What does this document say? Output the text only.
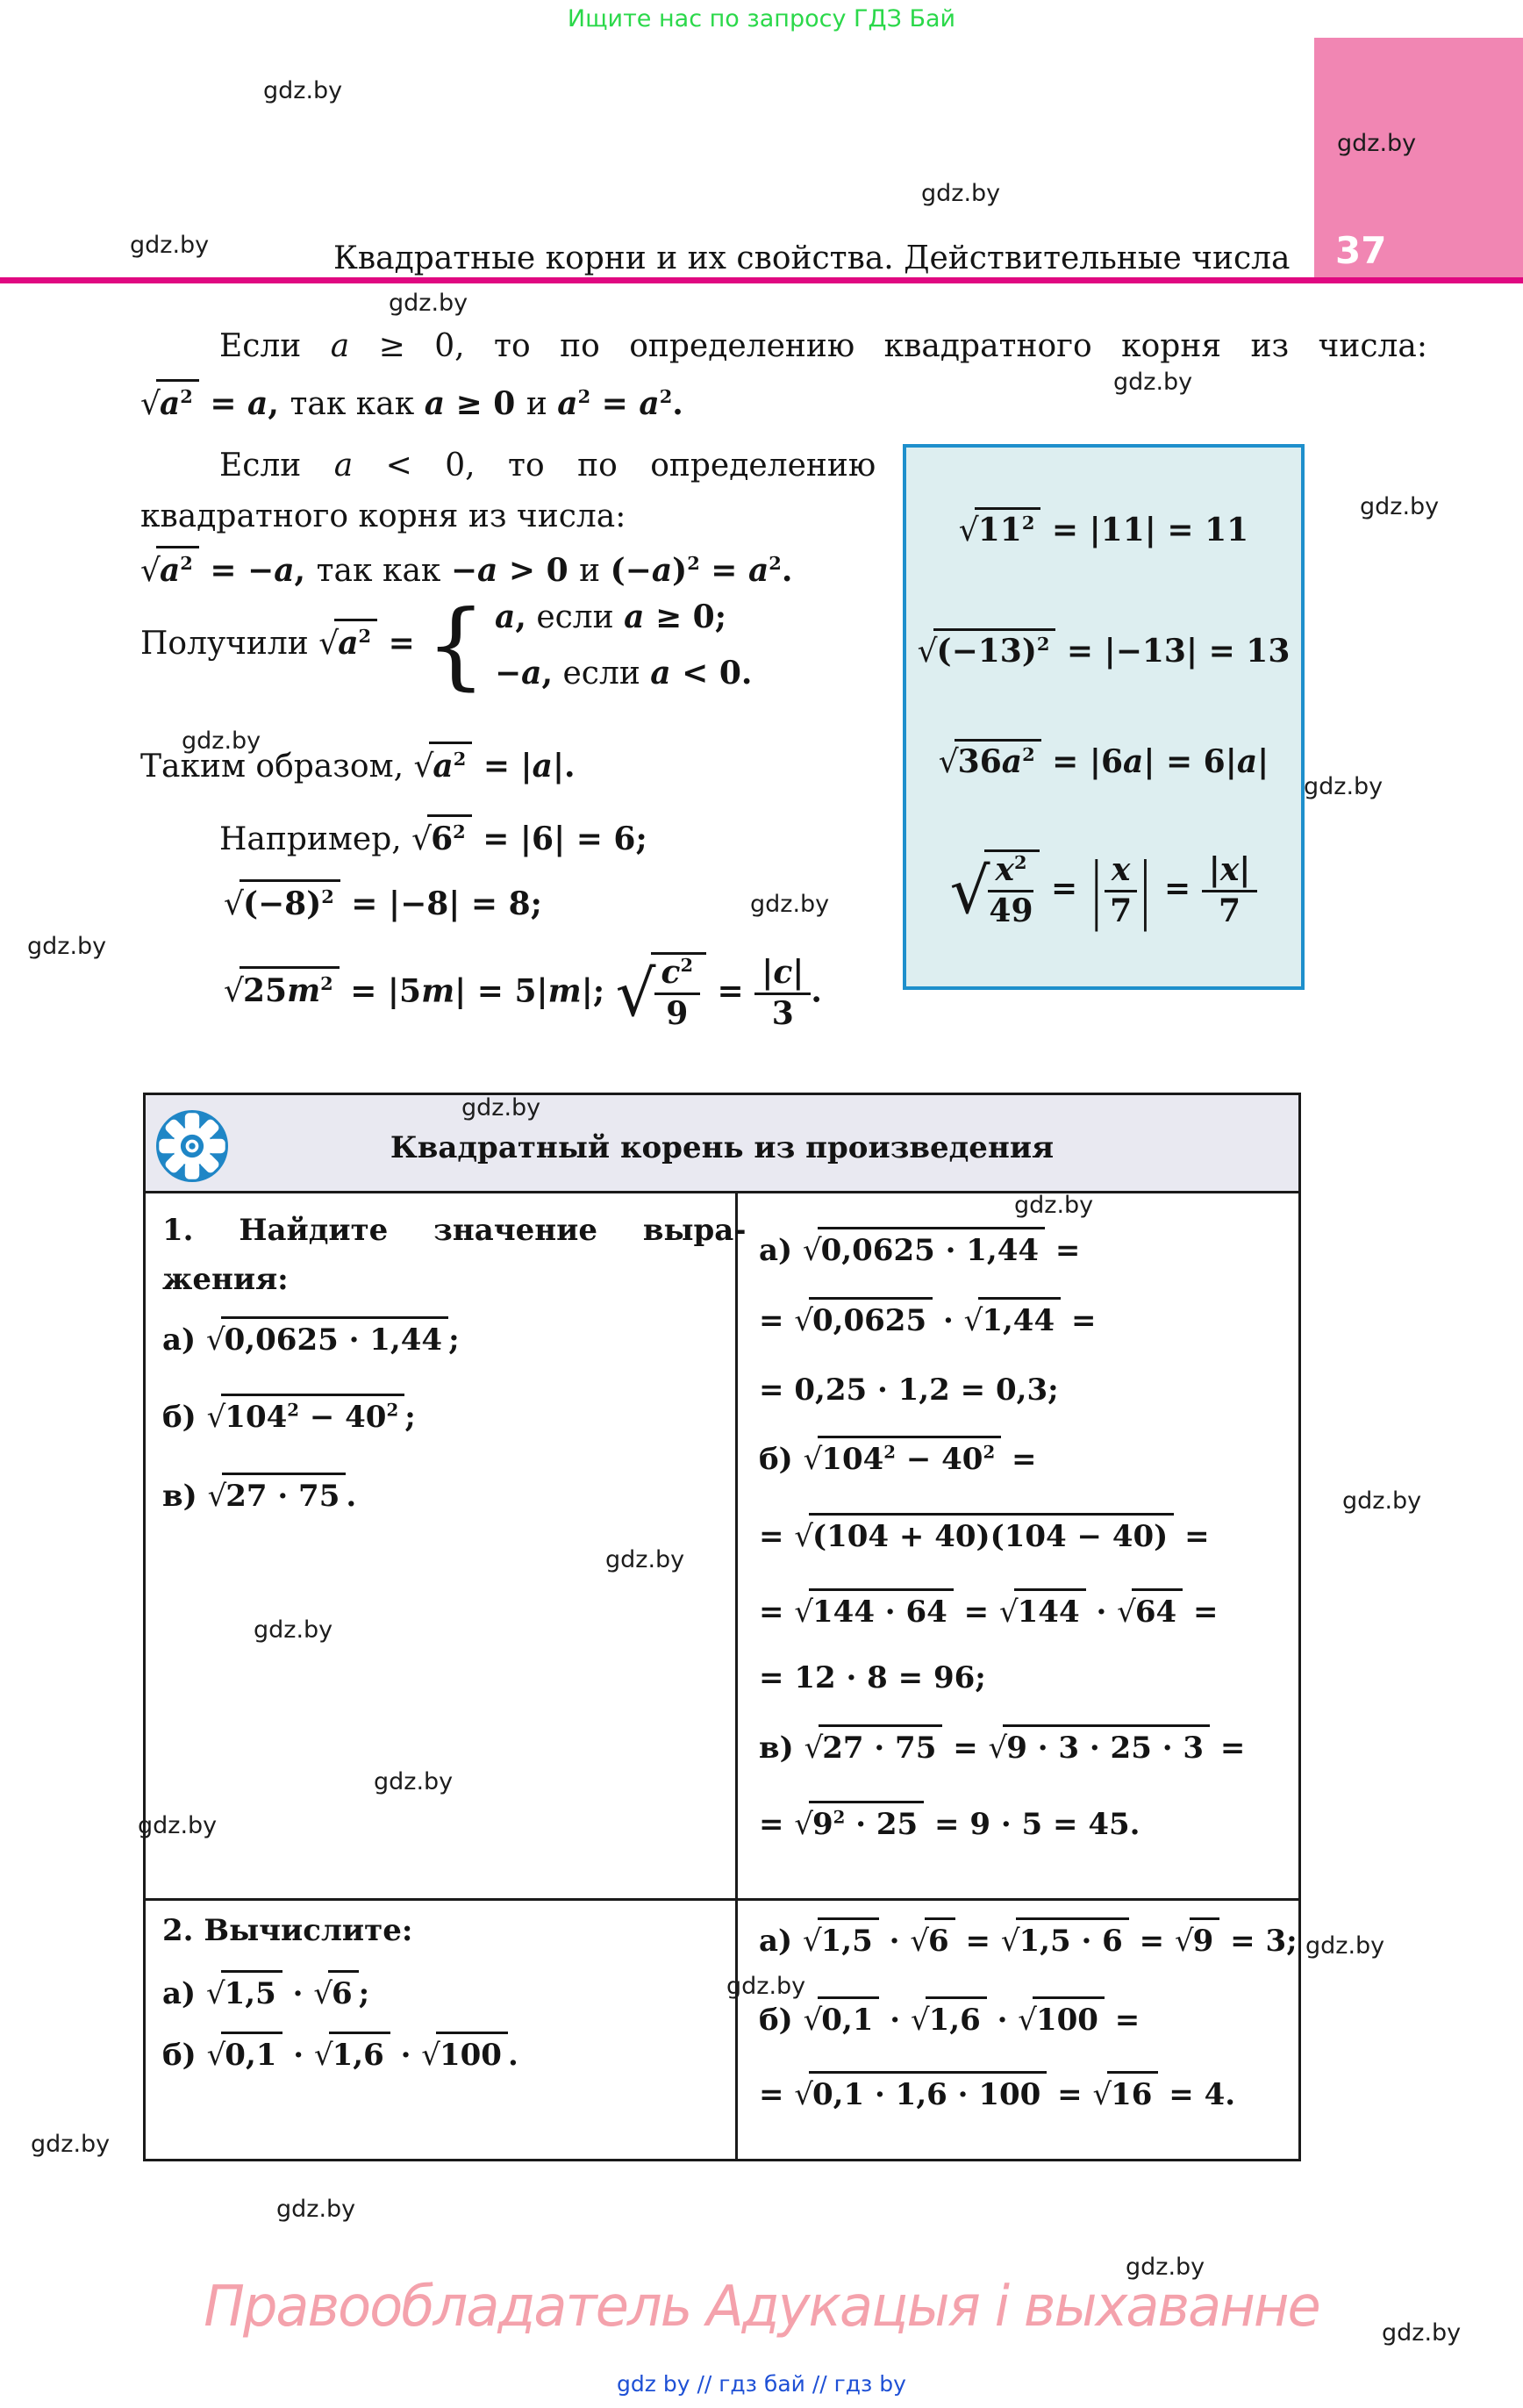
Ищите нас по запросу ГДЗ Бай
Квадратные корни и их свойства. Действительные числа 37
Квадратный корень из произведения
Если a ≥ 0, то по определению квадратного корня из числа:
$√a^2 = a$, так как a ≥ 0 и $a^2 = a^2$.
Если a < 0, то по определению
квадратного корня из числа:
$√a^2 = -a$, так как −a > 0 и $(-a)^2 = a^2$.
Получили $√a^2$ = { a, если a ≥ 0;
−a, если a < 0.
Таким образом, $√a^2 = |a|$.
Например, $√6^2 = |6| = 6$;
$√(-8)^2 = |-8| = 8$;
$√25m^2 = |5m| = 5|m|$; √ $\frac{c^2}{9} = \frac{|c|}{3}$ .
1. Найдите значение выра-
жения:
а) √0,0625 · 1,44 ;
б) $√104^2 - 40^2$ ;
в) √27 · 75 .
а) √0,0625 · 1,44 =
= √0,0625 · √1,44 =
= 0,25 · 1,2 = 0,3;
б) $√104^2 - 40^2$ =
= √(104 + 40)(104 − 40) =
= √144 · 64 = √144 · √64 =
= 12 · 8 = 96;
в) √27 · 75 = √9 · 3 · 25 · 3 =
= $√9^2 \cdot 25 = 9 \cdot 5 = 45$.
2. Вычислите:
а) √1,5 · √6 ;
б) √0,1 · √1,6 · √100 .
а) √1,5 · √6 = √1,5 · 6 = √9 = 3;
б) √0,1 · √1,6 · √100 =
= √0,1 · 1,6 · 100 = √16 = 4.
$√11^2 = |11| = 11$
$√(-13)^2 = |-13| = 13$
$√36a^2 = |6a| = 6|a|$
√ $\frac{x^2}{49}$ = | $\frac{x}{7}$ | = $\frac{|x|}{7}$
gdz.by
gdz.by
gdz.by
gdz.by
gdz.by
gdz.by
gdz.by
gdz.by
gdz.by
gdz.by
gdz.by
gdz.by
gdz.by
gdz.by
gdz.by
gdz.by
gdz.by
gdz.by
gdz.by
gdz.by
gdz.by
gdz.by
gdz.by
gdz.by
Правообладатель Адукацыя і выхаванне
gdz by // гдз бай // гдз by
